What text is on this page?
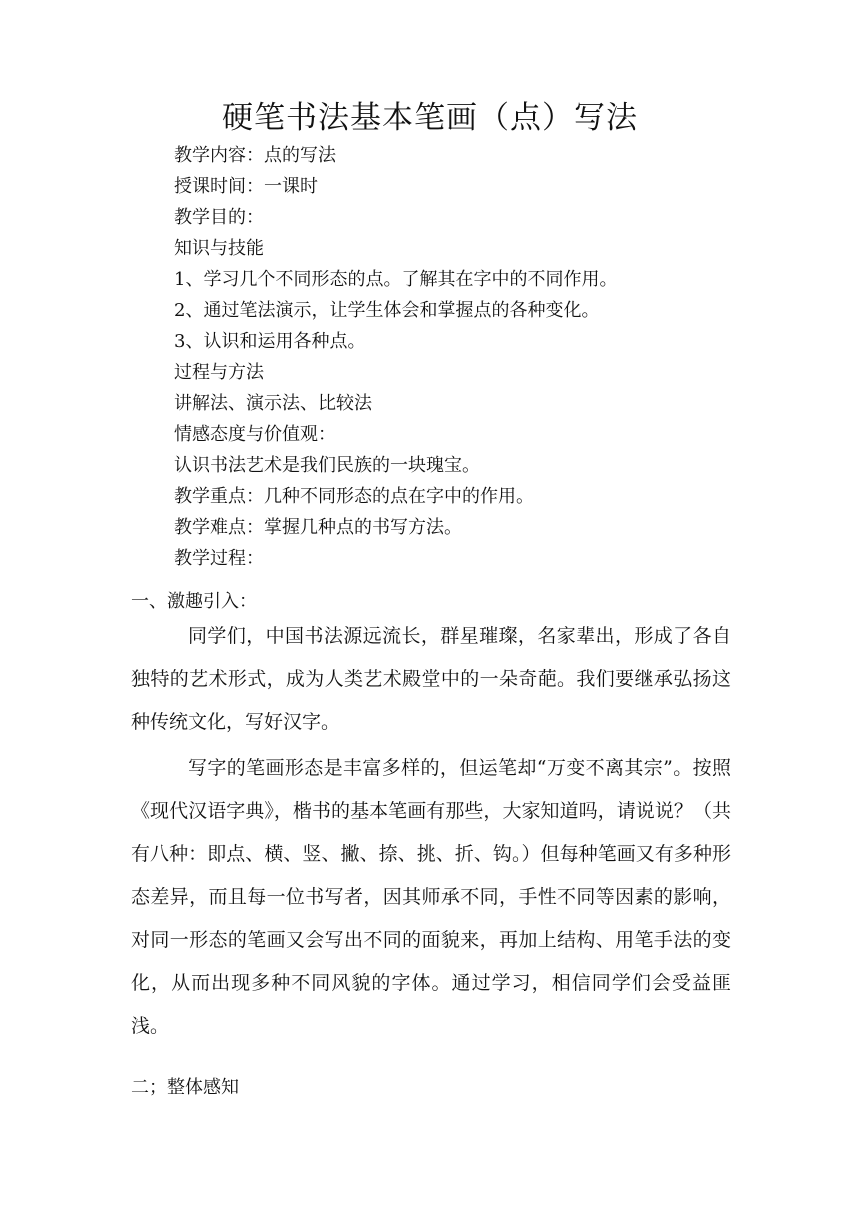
硬笔书法基本笔画（点）写法
教学内容：点的写法
授课时间：一课时
教学目的：
知识与技能
1、学习几个不同形态的点。了解其在字中的不同作用。
2、通过笔法演示，让学生体会和掌握点的各种变化。
3、认识和运用各种点。
过程与方法
讲解法、演示法、比较法
情感态度与价值观：
认识书法艺术是我们民族的一块瑰宝。
教学重点：几种不同形态的点在字中的作用。
教学难点：掌握几种点的书写方法。
教学过程：
一、激趣引入：

同学们，中国书法源远流长，群星璀璨，名家辈出，形成了各自独特的艺术形式，成为人类艺术殿堂中的一朵奇葩。我们要继承弘扬这种传统文化，写好汉字。

写字的笔画形态是丰富多样的，但运笔却“万变不离其宗”。按照《现代汉语字典》，楷书的基本笔画有那些，大家知道吗，请说说？（共有八种：即点、横、竖、撇、捺、挑、折、钩。）但每种笔画又有多种形态差异，而且每一位书写者，因其师承不同，手性不同等因素的影响，对同一形态的笔画又会写出不同的面貌来，再加上结构、用笔手法的变化，从而出现多种不同风貌的字体。通过学习，相信同学们会受益匪浅。

二；整体感知
